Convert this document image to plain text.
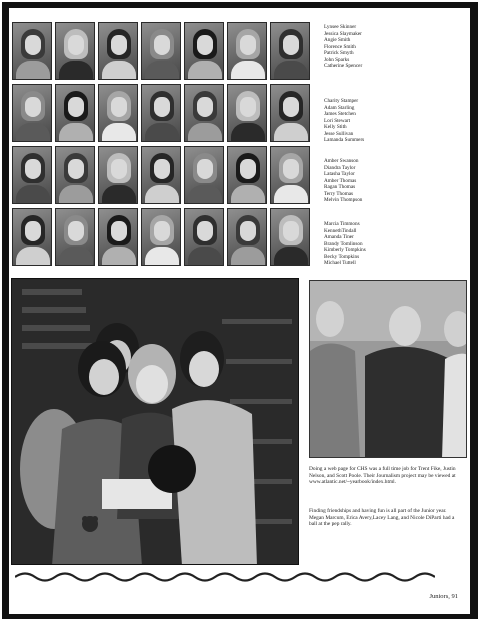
Lynsee Skinner
Jessica Slaymaker
Angie Smith
Florence Smith
Patrick Smyth
John Sparks
Catherine Spencer
Charity Stamper
Adam Starling
James Stetchen
Lori Stewart
Kelly Stith
Jesse Sullivan
Lamanda Summers
Amber Swanson
Diandra Taylor
Latasha Taylor
Amber Thomas
Ragan Thomas
Terry Thomas
Melvin Thompson
Marcia Timmons
KennethTindall
Amanda Tiner
Brandy Tomlinson
Kimberly Tompkins
Becky Tompkins
Michael Tuttell
Doing a web page for CHS was a full time job for Trent Fike, Justin Nelson, and Scott Poole. Their Journalism project may be viewed at www.atlantic.net/~yearbook/index.html.
Finding friendships and having fun is all part of the Junior year. Megan Marcum, Erica Avery,Lacey Lang, and Nicole DiParti had a ball at the pep rally.
Juniors, 91
